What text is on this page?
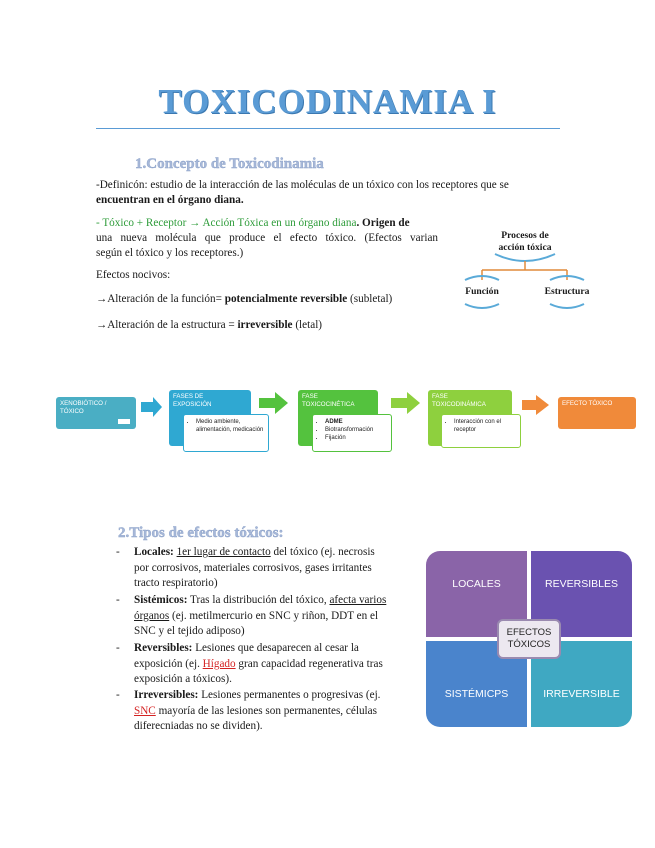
TOXICODINAMIA I
1.Concepto de Toxicodinamia
-Definicón: estudio de la interacción de las moléculas de un tóxico con los receptores que se
encuentran en el órgano diana.
- Tóxico + Receptor → Acción Tóxica en un órgano diana. Origen de
una nueva molécula que produce el efecto tóxico. (Efectos varian
según el tóxico y los receptores.)
Efectos nocivos:
→Alteración de la función= potencialmente reversible (subletal)
→Alteración de la estructura = irreversible (letal)
Procesos de
acción tóxica
Función	Estructura
XENOBIÓTICO / TÓXICO
FASES DE EXPOSICIÓN
• Medio ambiente, alimentación, medicación
FASE TOXICOCINÉTICA
• ADME
• Biotransformación
• Fijación
FASE TOXICODINÁMICA
• Interacción con el receptor
EFECTO TÓXICO
2.Tipos de efectos tóxicos:
-	Locales: 1er lugar de contacto del tóxico (ej. necrosis
por corrosivos, materiales corrosivos, gases irritantes
tracto respiratorio)
-	Sistémicos: Tras la distribución del tóxico, afecta varios
órganos (ej. metilmercurio en SNC y riñon, DDT en el
SNC y el tejido adiposo)
-	Reversibles: Lesiones que desaparecen al cesar la
exposición (ej. Hígado gran capacidad regenerativa tras
exposición a tóxicos).
-	Irreversibles: Lesiones permanentes o progresivas (ej.
SNC mayoría de las lesiones son permanentes, células
diferecniadas no se dividen).
LOCALES	REVERSIBLES
SISTÉMICPS	IRREVERSIBLE
EFECTOS
TÓXICOS
